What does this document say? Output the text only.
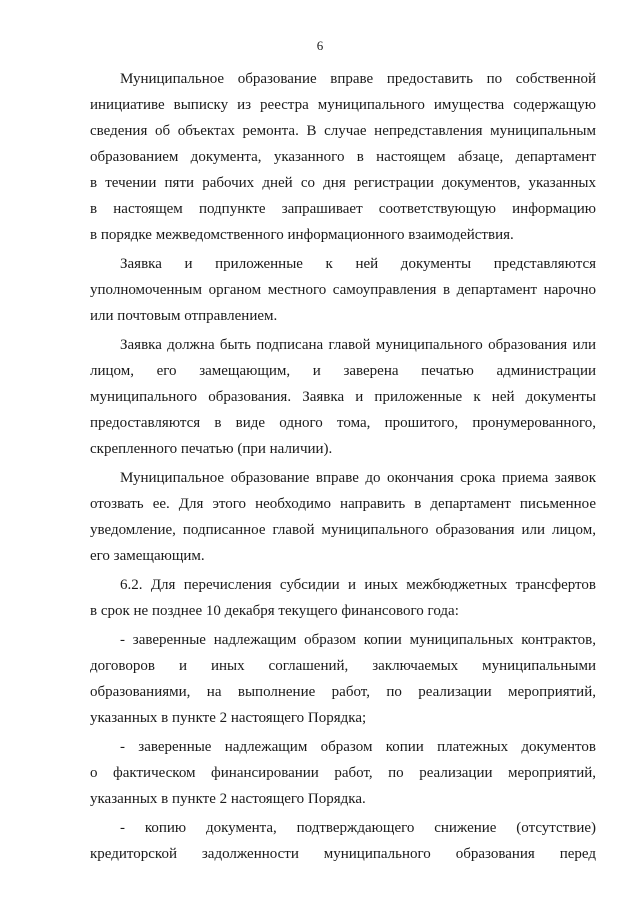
6

Муниципальное образование вправе предоставить по собственной
инициативе выписку из реестра муниципального имущества содержащую
сведения об объектах ремонта. В случае непредставления муниципальным
образованием документа, указанного в настоящем абзаце, департамент
в течении пяти рабочих дней со дня регистрации документов, указанных
в настоящем подпункте запрашивает соответствующую информацию
в порядке межведомственного информационного взаимодействия.

Заявка и приложенные к ней документы представляются
уполномоченным органом местного самоуправления в департамент нарочно
или почтовым отправлением.

Заявка должна быть подписана главой муниципального образования или
лицом, его замещающим, и заверена печатью администрации
муниципального образования. Заявка и приложенные к ней документы
предоставляются в виде одного тома, прошитого, пронумерованного,
скрепленного печатью (при наличии).

Муниципальное образование вправе до окончания срока приема заявок
отозвать ее. Для этого необходимо направить в департамент письменное
уведомление, подписанное главой муниципального образования или лицом,
его замещающим.

6.2. Для перечисления субсидии и иных межбюджетных трансфертов
в срок не позднее 10 декабря текущего финансового года:

- заверенные надлежащим образом копии муниципальных контрактов,
договоров и иных соглашений, заключаемых муниципальными
образованиями, на выполнение работ, по реализации мероприятий,
указанных в пункте 2 настоящего Порядка;

- заверенные надлежащим образом копии платежных документов
о фактическом финансировании работ, по реализации мероприятий,
указанных в пункте 2 настоящего Порядка.

- копию документа, подтверждающего снижение (отсутствие)
кредиторской задолженности муниципального образования перед
